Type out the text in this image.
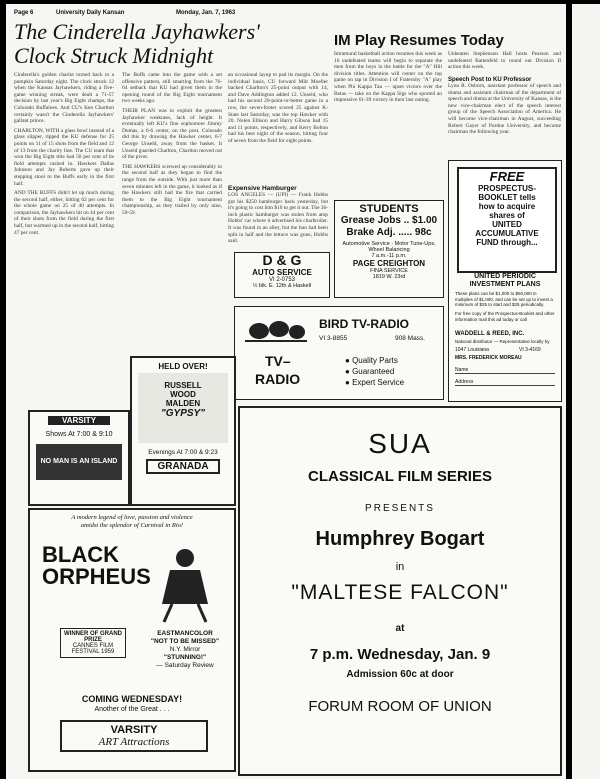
Page 6	University Daily Kansan	Monday, Jan. 7, 1963
The Cinderella Jayhawkers'
Clock Struck Midnight

Cinderella's golden chariot turned back to a pumpkin Saturday night. The clock struck 12 when the Kansas Jayhawkers, riding a five-game winning streak, were dealt a 71-57 decision by last year's Big Eight champs, the Colorado Buffaloes. And CU's Ken Charlton certainly wasn't the Cinderella Jayhawkers' gallant prince.

CHARLTON, WITH a glass bowl instead of a glass slipper, ripped the KU defense for 25 points on 11 of 15 shots from the field and 12 of 13 from the charity line. The CU team that won the Big Eight title had 50 per cent of its field attempts cashed in. Hawkers Dallas Johnson and Jay Roberts gave up their stepping stool to the Buffs early in the first half.

AND THE BUFFS didn't let up much during the second half, either, hitting 62 per cent for the whole game on 25 of 40 attempts. In comparison, the Jayhawkers hit on 44 per cent of their shots from the field during the first half, but warmed up in the second half, hitting 47 per cent.

The Buffs came into the game with a set offensive pattern, still smarting from the 76-64 setback that KU had given them in the opening round of the Big Eight tournament two weeks ago.

THEIR PLAN was to exploit the greatest Jayhawker weakness, lack of height. It eventually left KU's fine sophomore Jimmy Dumas, a 6-6 center, on the post. Colorado did this by drawing the Hawker center, 6-7 George Unseld, away from the basket. It Unseld guarded Charlton, Charlton moved out of the pivot.

THE HAWKERS screwed up considerably in the second half as they began to find the range from the outside. With just more than seven minutes left in the game, it looked as if the Hawkers still had the fire that carried them to the Big Eight tournament championship, as they trailed by only nine, 50-59.

an occasional layup to pad its margin. On the individual basis, CU forward Milt Mueller backed Charlton's 25-point output with 14, and Dave Addington added 12. Unseld, who had his second 20-point-or-better game in a row, the seven-footer scored 25 against K-State last Saturday, was the top Hawker with 20. Nolen Ellison and Harry Gibson had 15 and 11 points, respectively, and Kerry Bolton had his best night of the season, hitting four of seven from the field for eight points.

Expensive Hamburger
LOS ANGELES — (UPI) — Frank Hobbs got his $250 hamburger back yesterday, but it's going to cost him $10 to get it out. The 36-inch plastic hamburger was stolen from atop Hobbs' car where it advertised his charbroiler. It was found in an alley, but the bun had been split in half and the lettuce was gone, Hobbs said.
D & G
AUTO SERVICE
VI 2-0753
½ blk. E. 12th & Haskell
IM Play Resumes Today
Intramural basketball action resumes this week as 16 undefeated teams will begin to separate the men from the boys in the battle for the "A" Hill division titles. Attention will center on the top game on tap in Division I of Fraternity "A" play when Phi Kappa Tau — upset victors over the Betas — take on the Kappa Sigs who sported an impressive 61-39 victory in their last outing.
Unbeaten Stephenson Hall hosts Pearson and undefeated Battenfeld to round out Division II action this week.
Speech Post to KU Professor
Lynn R. Osborn, assistant professor of speech and drama and assistant chairman of the department of speech and drama at the University of Kansas, is the new vice-chairman elect of the speech interest group of the Speech Association of America. He will become vice-chairman in August, succeeding Robert Gayer of Purdue University, and become chairman the following year.
STUDENTS
Grease Jobs .. $1.00
Brake Adj. ..... 98c
Automotive Service · Motor Tune-Ups, Wheel Balancing
7 a.m.-11 p.m.
PAGE CREIGHTON
FINA SERVICE
1819 W. 23rd
FREE
PROSPECTUS-
BOOKLET tells
how to acquire
shares of
UNITED
ACCUMULATIVE
FUND through...
UNITED PERIODIC
INVESTMENT PLANS
These plans can be $1,000 to $50,000 in multiples of $1,000, and can be set up to invest a minimum of $25 to start and $25 periodically.
For free copy of the Prospectus-Booklet and other information mail this ad today or call
WADDELL & REED, INC.
National distributor — Representative locally by
1047 Louisiana	VI 3-4169
MRS. FREDERICK MOREAU
Name
Address
BIRD TV-RADIO
VI 3-8855	908 Mass.
TV–
RADIO
● Quality Parts
● Guaranteed
● Expert Service
VARSITY
Shows At 7:00 & 9:10
NO MAN IS AN ISLAND
HELD OVER!
RUSSELL
WOOD
MALDEN
"GYPSY"
Evenings At 7:00 & 9:23
GRANADA
A modern legend of love, passion and violence
amidst the splendor of Carnival in Rio!
BLACK
ORPHEUS
WINNER OF GRAND PRIZE
CANNES FILM FESTIVAL 1959
EASTMANCOLOR
"NOT TO BE MISSED"
N.Y. Mirror
"STUNNING!"
— Saturday Review
COMING WEDNESDAY!
Another of the Great . . .
VARSITY
ART Attractions
SUA
CLASSICAL FILM SERIES
PRESENTS
Humphrey Bogart
in
"MALTESE FALCON"
at
7 p.m. Wednesday, Jan. 9
Admission 60c at door
FORUM ROOM OF UNION
